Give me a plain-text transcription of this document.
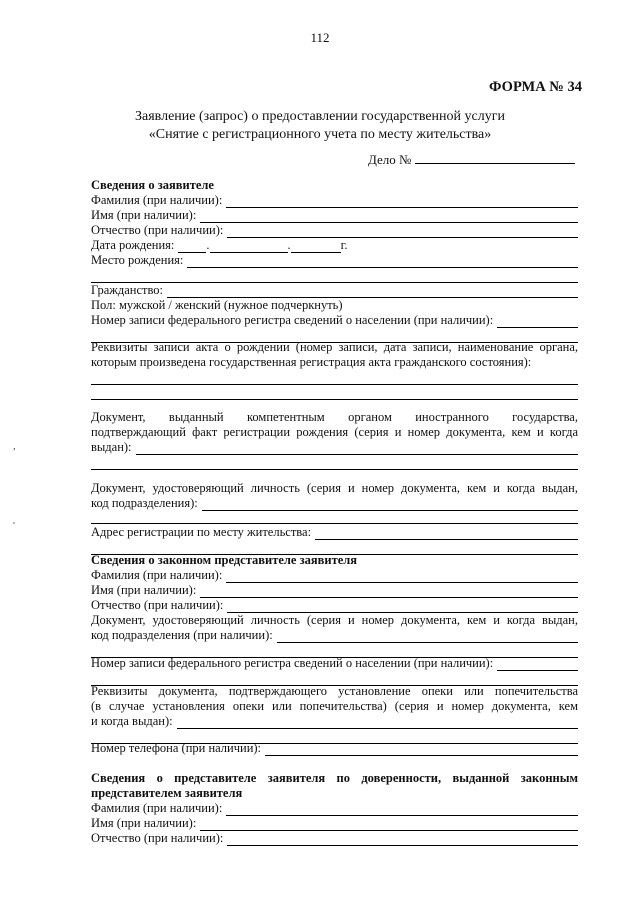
112
ФОРМА № 34
Заявление (запрос) о предоставлении государственной услуги
«Снятие с регистрационного учета по месту жительства»
Дело №
Сведения о заявителе
Фамилия (при наличии):
Имя (при наличии):
Отчество (при наличии):
Дата рождения:	.	.	г.
Место рождения:
Гражданство:
Пол: мужской / женский (нужное подчеркнуть)
Номер записи федерального регистра сведений о населении (при наличии):
Реквизиты записи акта о рождении (номер записи, дата записи, наименование органа,
которым произведена государственная регистрация акта гражданского состояния):
Документ, выданный компетентным органом иностранного государства,
подтверждающий факт регистрации рождения (серия и номер документа, кем и когда
выдан):
Документ, удостоверяющий личность (серия и номер документа, кем и когда выдан,
код подразделения):
Адрес регистрации по месту жительства:
Сведения о законном представителе заявителя
Фамилия (при наличии):
Имя (при наличии):
Отчество (при наличии):
Документ, удостоверяющий личность (серия и номер документа, кем и когда выдан,
код подразделения (при наличии):
Номер записи федерального регистра сведений о населении (при наличии):
Реквизиты документа, подтверждающего установление опеки или попечительства
(в случае установления опеки или попечительства) (серия и номер документа, кем
и когда выдан):
Номер телефона (при наличии):
Сведения о представителе заявителя по доверенности, выданной законным
представителем заявителя
Фамилия (при наличии):
Имя (при наличии):
Отчество (при наличии):
,
'
